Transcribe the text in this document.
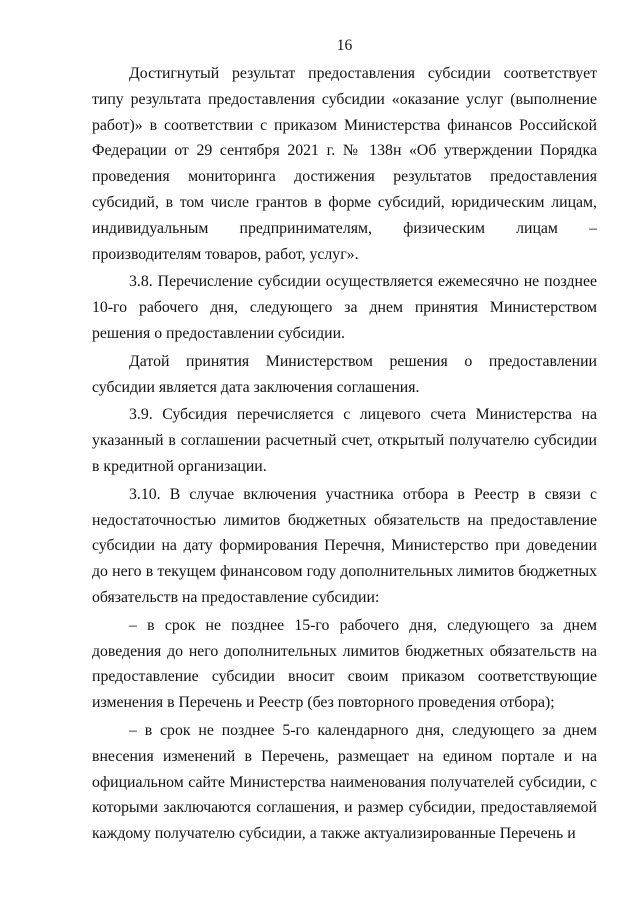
16

Достигнутый результат предоставления субсидии соответствует типу результата предоставления субсидии «оказание услуг (выполнение работ)» в соответствии с приказом Министерства финансов Российской Федерации от 29 сентября 2021 г. № 138н «Об утверждении Порядка проведения мониторинга достижения результатов предоставления субсидий, в том числе грантов в форме субсидий, юридическим лицам, индивидуальным предпринимателям, физическим лицам – производителям товаров, работ, услуг».

3.8. Перечисление субсидии осуществляется ежемесячно не позднее 10-го рабочего дня, следующего за днем принятия Министерством решения о предоставлении субсидии.

Датой принятия Министерством решения о предоставлении субсидии является дата заключения соглашения.

3.9. Субсидия перечисляется с лицевого счета Министерства на указанный в соглашении расчетный счет, открытый получателю субсидии в кредитной организации.

3.10. В случае включения участника отбора в Реестр в связи с недостаточностью лимитов бюджетных обязательств на предоставление субсидии на дату формирования Перечня, Министерство при доведении до него в текущем финансовом году дополнительных лимитов бюджетных обязательств на предоставление субсидии:

– в срок не позднее 15-го рабочего дня, следующего за днем доведения до него дополнительных лимитов бюджетных обязательств на предоставление субсидии вносит своим приказом соответствующие изменения в Перечень и Реестр (без повторного проведения отбора);

– в срок не позднее 5-го календарного дня, следующего за днем внесения изменений в Перечень, размещает на едином портале и на официальном сайте Министерства наименования получателей субсидии, с которыми заключаются соглашения, и размер субсидии, предоставляемой каждому получателю субсидии, а также актуализированные Перечень и
